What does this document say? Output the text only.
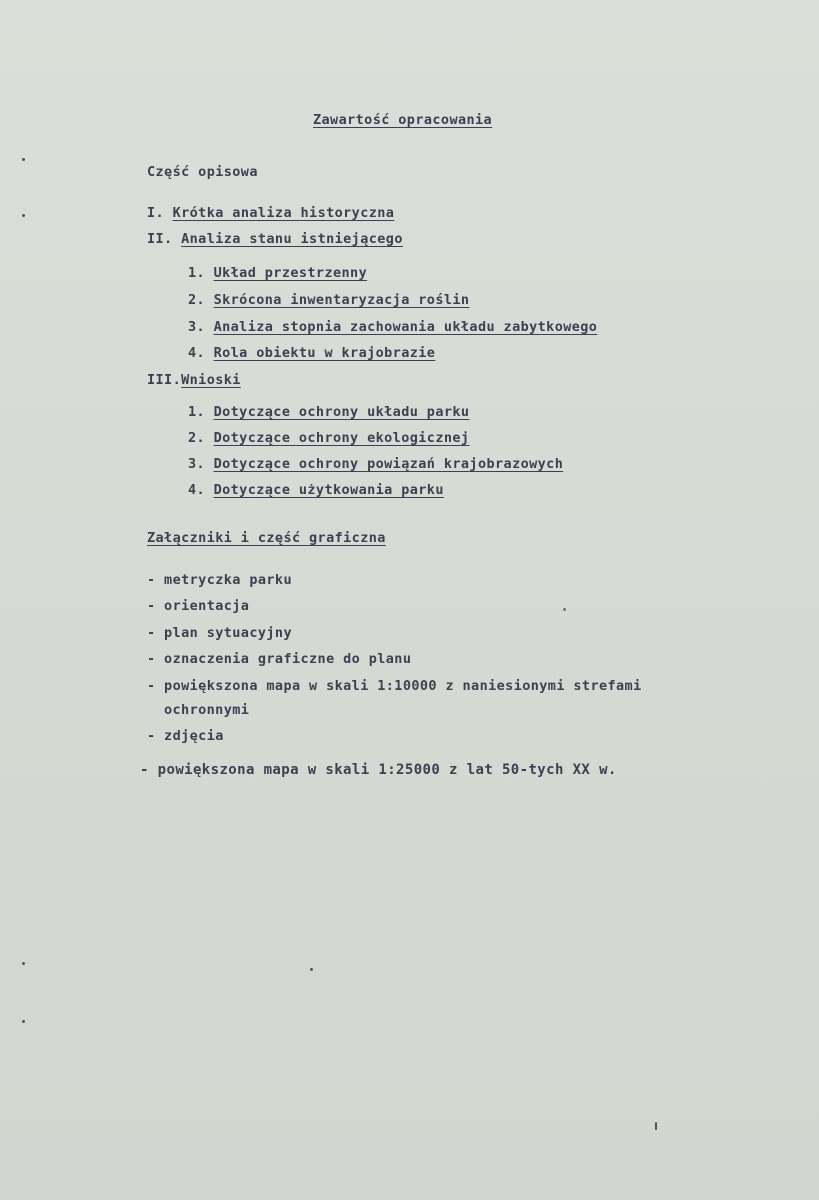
Zawartość opracowania
Część opisowa
I. Krótka analiza historyczna
II. Analiza stanu istniejącego
1. Układ przestrzenny
2. Skrócona inwentaryzacja roślin
3. Analiza stopnia zachowania układu zabytkowego
4. Rola obiektu w krajobrazie
III.Wnioski
1. Dotyczące ochrony układu parku
2. Dotyczące ochrony ekologicznej
3. Dotyczące ochrony powiązań krajobrazowych
4. Dotyczące użytkowania parku
Załączniki i część graficzna
- metryczka parku
- orientacja
- plan sytuacyjny
- oznaczenia graficzne do planu
- powiększona mapa w skali 1:10000 z naniesionymi strefami
ochronnymi
- zdjęcia
- powiększona mapa w skali 1:25000 z lat 50-tych XX w.
